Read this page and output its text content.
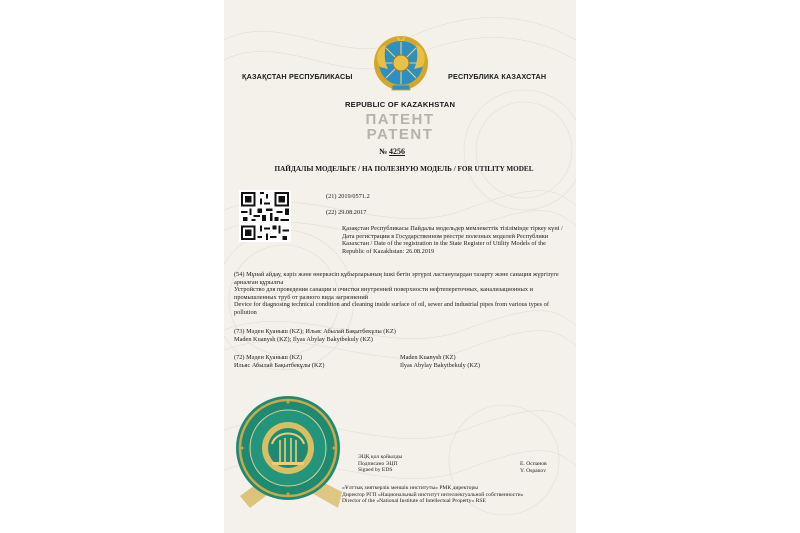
ҚАЗАҚСТАН РЕСПУБЛИКАСЫ	РЕСПУБЛИКА КАЗАХСТАН
REPUBLIC OF KAZAKHSTAN
ПАТЕНТ
PATENT
№ 4256
ПАЙДАЛЫ МОДЕЛЬГЕ / НА ПОЛЕЗНУЮ МОДЕЛЬ / FOR UTILITY MODEL
(21) 2019/0571.2
(22) 29.08.2017
Қазақстан Республикасы Пайдалы модельдер мемлекеттік тізілімінде тіркеу күні / Дата регистрации в Государственном реестре полезных моделей Республики Казахстан / Date of the registration in the State Register of Utility Models of the Republic of Kazakhstan: 26.08.2019
(54) Мұнай айдау, кәріз және өнеркәсіп құбырларының ішкі бетін эртүрлі ластанулардан тазарту және санация жүргізуге арналған құрылғы
Устройство для проведения санации и очистки внутренней поверхности нефтепереточных, канализационных и промышленных труб от разного вида загрязнений
Device for diagnosing technical condition and cleaning inside surface of oil, sewer and industrial pipes from various types of pollution
(73) Мәден Қуаныш (KZ); Ильяс Абылай Бақытбекұлы (KZ)
Maden Kuanysh (KZ); Ilyas Abylay Bakytbekuly (KZ)
(72) Мәден Қуаныш (KZ)
Ильяс Абылай Бақытбекұлы (KZ)
Maden Kuanysh (KZ)
Ilyas Abylay Bakytbekuly (KZ)
ЭЦҚ қол қойылды
Подписано ЭЦП
Signed by EDS
Е. Оспанов
Y. Ospanov
«Ұлттық зияткерлік меншік институты» РМК директоры
Директор РГП «Национальный институт интеллектуальной собственности»
Director of the «National Institute of Intellectual Property» RSE
